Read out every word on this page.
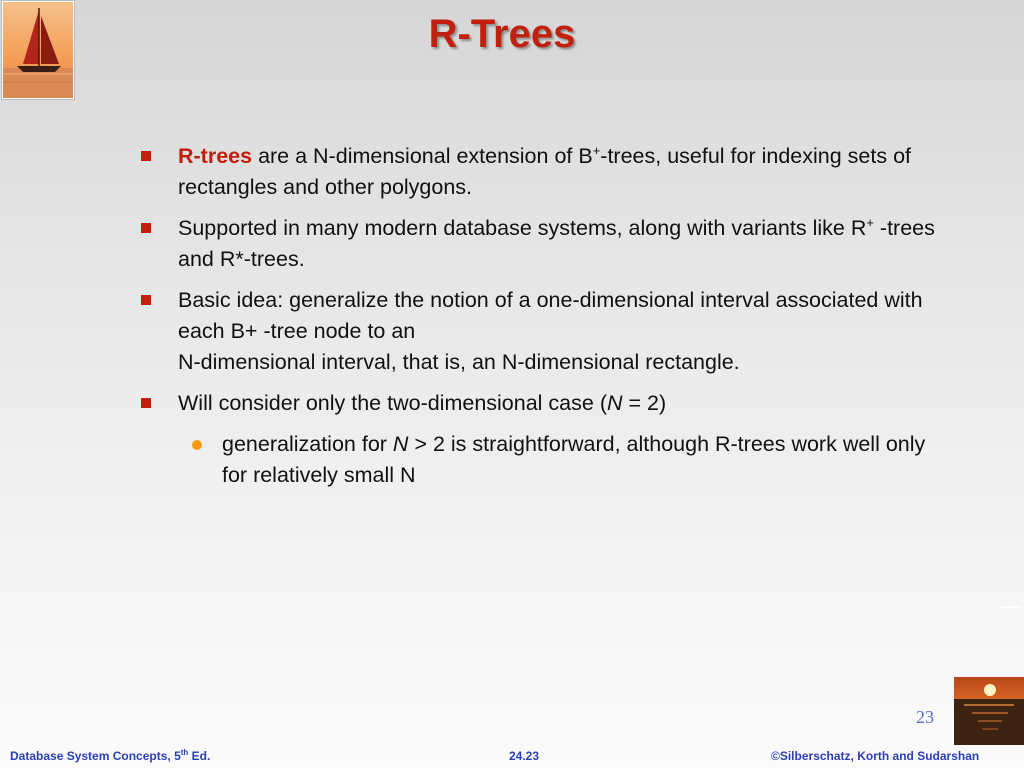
R-Trees
R-trees are a N-dimensional extension of B+-trees, useful for indexing sets of rectangles and other polygons.
Supported in many modern database systems, along with variants like R+ -trees and R*-trees.
Basic idea: generalize the notion of a one-dimensional interval associated with each B+ -tree node to an
N-dimensional interval, that is, an N-dimensional rectangle.
Will consider only the two-dimensional case (N = 2)
generalization for N > 2 is straightforward, although R-trees work well only for relatively small N
23
Database System Concepts, 5th Ed.	24.23	©Silberschatz, Korth and Sudarshan
